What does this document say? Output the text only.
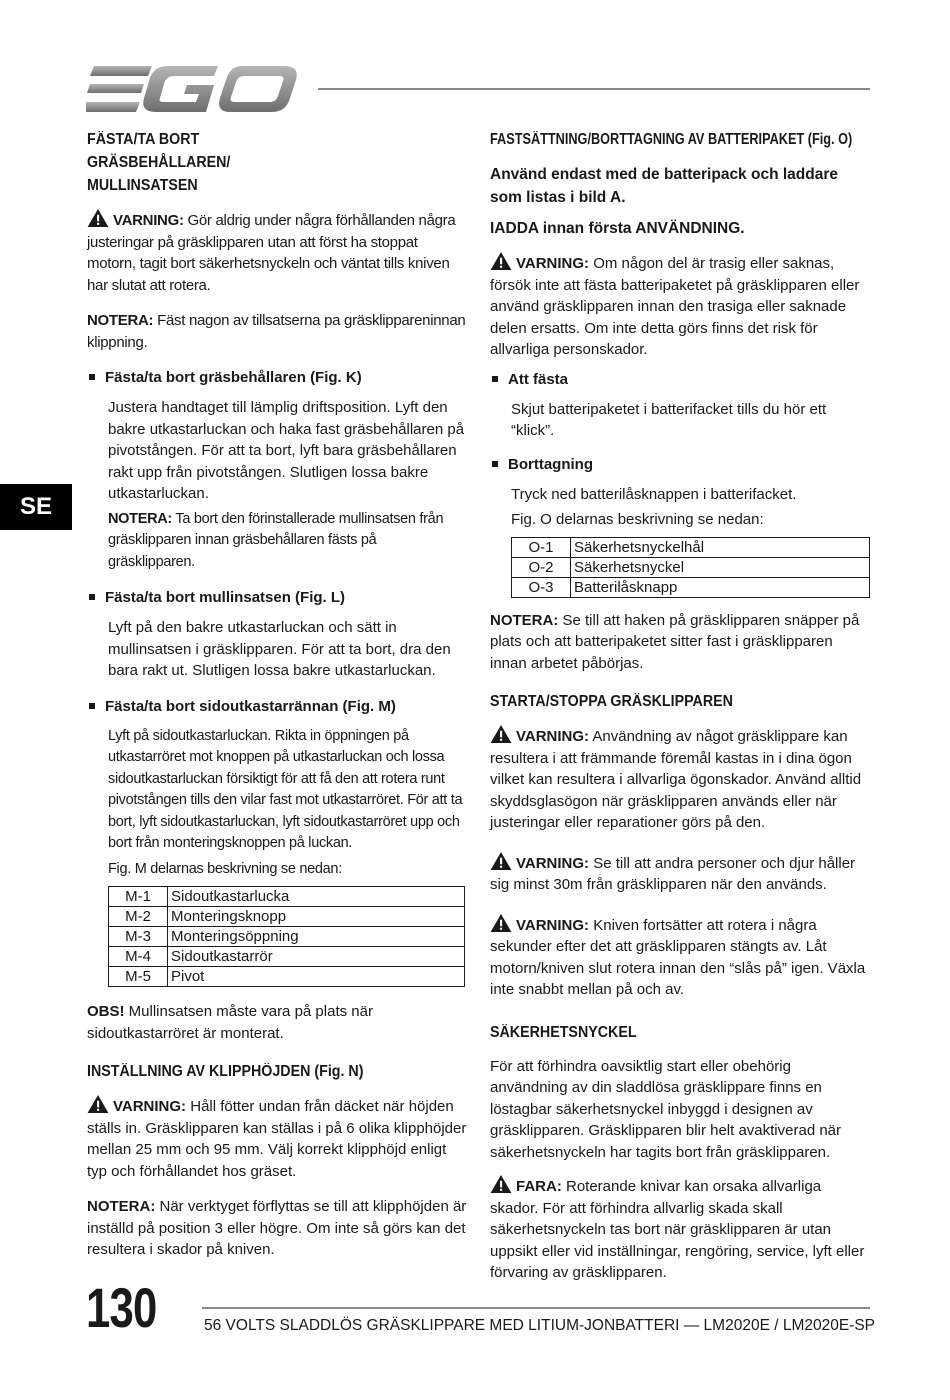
SE
FÄSTA/TA BORT GRÄSBEHÅLLAREN/ MULLINSATSEN

VARNING: Gör aldrig under några förhållanden några justeringar på gräsklipparen utan att först ha stoppat motorn, tagit bort säkerhetsnyckeln och väntat tills kniven har slutat att rotera.

NOTERA: Fäst nagon av tillsatserna pa gräsklippareninnan klippning.

Fästa/ta bort gräsbehållaren (Fig. K)

Justera handtaget till lämplig driftsposition. Lyft den bakre utkastarluckan och haka fast gräsbehållaren på pivotstången. För att ta bort, lyft bara gräsbehållaren rakt upp från pivotstången. Slutligen lossa bakre utkastarluckan.

NOTERA: Ta bort den förinstallerade mullinsatsen från gräsklipparen innan gräsbehållaren fästs på gräsklipparen.

Fästa/ta bort mullinsatsen (Fig. L)

Lyft på den bakre utkastarluckan och sätt in mullinsatsen i gräsklipparen. För att ta bort, dra den bara rakt ut. Slutligen lossa bakre utkastarluckan.

Fästa/ta bort sidoutkastarrännan (Fig. M)

Lyft på sidoutkastarluckan. Rikta in öppningen på utkastarröret mot knoppen på utkastarluckan och lossa sidoutkastarluckan försiktigt för att få den att rotera runt pivotstången tills den vilar fast mot utkastarröret. För att ta bort, lyft sidoutkastarluckan, lyft sidoutkastarröret upp och bort från monteringsknoppen på luckan.

Fig. M delarnas beskrivning se nedan:

M-1	Sidoutkastarlucka
M-2	Monteringsknopp
M-3	Monteringsöppning
M-4	Sidoutkastarrör
M-5	Pivot

OBS! Mullinsatsen måste vara på plats när sidoutkastarröret är monterat.

INSTÄLLNING AV KLIPPHÖJDEN (Fig. N)

VARNING: Håll fötter undan från däcket när höjden ställs in. Gräsklipparen kan ställas i på 6 olika klipphöjder mellan 25 mm och 95 mm. Välj korrekt klipphöjd enligt typ och förhållandet hos gräset.

NOTERA: När verktyget förflyttas se till att klipphöjden är inställd på position 3 eller högre. Om inte så görs kan det resultera i skador på kniven.

FASTSÄTTNING/BORTTAGNING AV BATTERIPAKET (Fig. O)

Använd endast med de batteripack och laddare som listas i bild A.

IADDA innan första ANVÄNDNING.

VARNING: Om någon del är trasig eller saknas, försök inte att fästa batteripaketet på gräsklipparen eller använd gräsklipparen innan den trasiga eller saknade delen ersatts. Om inte detta görs finns det risk för allvarliga personskador.

Att fästa

Skjut batteripaketet i batterifacket tills du hör ett “klick”.

Borttagning

Tryck ned batterilåsknappen i batterifacket.

Fig. O delarnas beskrivning se nedan:

O-1	Säkerhetsnyckelhål
O-2	Säkerhetsnyckel
O-3	Batterilåsknapp

NOTERA: Se till att haken på gräsklipparen snäpper på plats och att batteripaketet sitter fast i gräsklipparen innan arbetet påbörjas.

STARTA/STOPPA GRÄSKLIPPAREN

VARNING: Användning av något gräsklippare kan resultera i att främmande föremål kastas in i dina ögon vilket kan resultera i allvarliga ögonskador. Använd alltid skyddsglasögon när gräsklipparen används eller när justeringar eller reparationer görs på den.

VARNING: Se till att andra personer och djur håller sig minst 30m från gräsklipparen när den används.

VARNING: Kniven fortsätter att rotera i några sekunder efter det att gräsklipparen stängts av. Låt motorn/kniven slut rotera innan den “slås på” igen. Växla inte snabbt mellan på och av.

SÄKERHETSNYCKEL

För att förhindra oavsiktlig start eller obehörig användning av din sladdlösa gräsklippare finns en löstagbar säkerhetsnyckel inbyggd i designen av gräsklipparen. Gräsklipparen blir helt avaktiverad när säkerhetsnyckeln har tagits bort från gräsklipparen.

FARA: Roterande knivar kan orsaka allvarliga skador. För att förhindra allvarlig skada skall säkerhetsnyckeln tas bort när gräsklipparen är utan uppsikt eller vid inställningar, rengöring, service, lyft eller förvaring av gräsklipparen.

130	56 VOLTS SLADDLÖS GRÄSKLIPPARE MED LITIUM-JONBATTERI — LM2020E / LM2020E-SP
